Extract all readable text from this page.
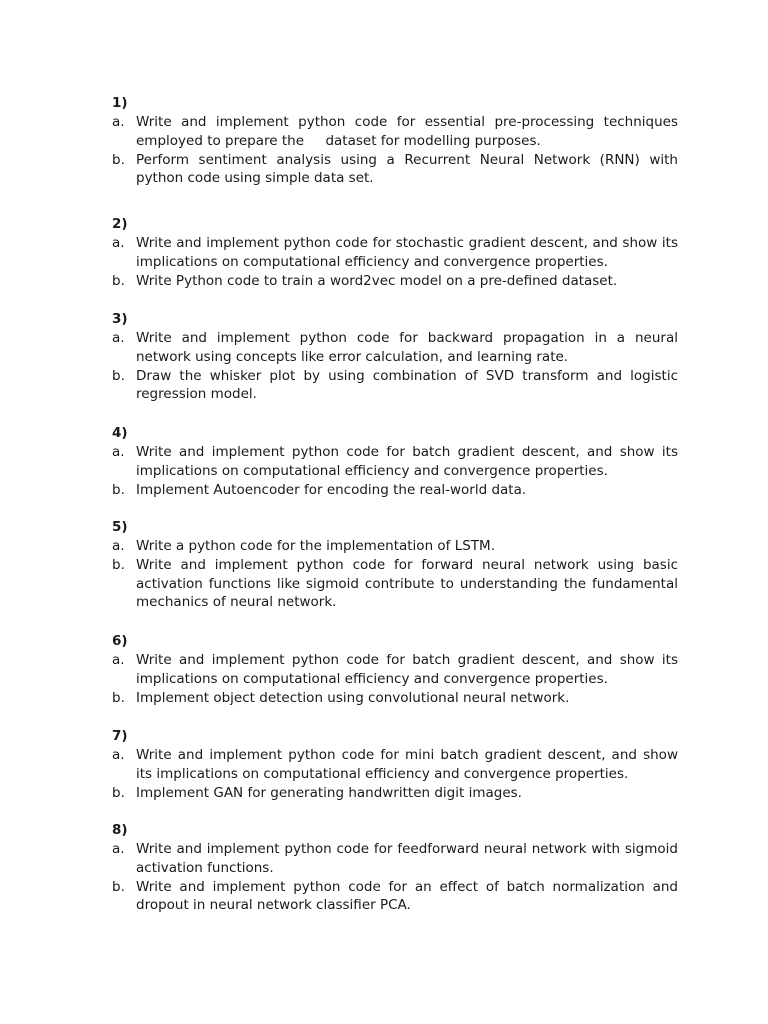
1)
a. Write and implement python code for essential pre-processing techniques employed to prepare the     dataset for modelling purposes.
b. Perform sentiment analysis using a Recurrent Neural Network (RNN) with python code using simple data set.
2)
a. Write and implement python code for stochastic gradient descent, and show its implications on computational efficiency and convergence properties.
b. Write Python code to train a word2vec model on a pre-defined dataset.
3)
a. Write and implement python code for backward propagation in a neural network using concepts like error calculation, and learning rate.
b. Draw the whisker plot by using combination of SVD transform and logistic regression model.
4)
a. Write and implement python code for batch gradient descent, and show its implications on computational efficiency and convergence properties.
b. Implement Autoencoder for encoding the real-world data.
5)
a. Write a python code for the implementation of LSTM.
b. Write and implement python code for forward neural network using basic activation functions like sigmoid contribute to understanding the fundamental mechanics of neural network.
6)
a. Write and implement python code for batch gradient descent, and show its implications on computational efficiency and convergence properties.
b. Implement object detection using convolutional neural network.
7)
a. Write and implement python code for mini batch gradient descent, and show its implications on computational efficiency and convergence properties.
b. Implement GAN for generating handwritten digit images.
8)
a. Write and implement python code for feedforward neural network with sigmoid activation functions.
b. Write and implement python code for an effect of batch normalization and dropout in neural network classifier PCA.
